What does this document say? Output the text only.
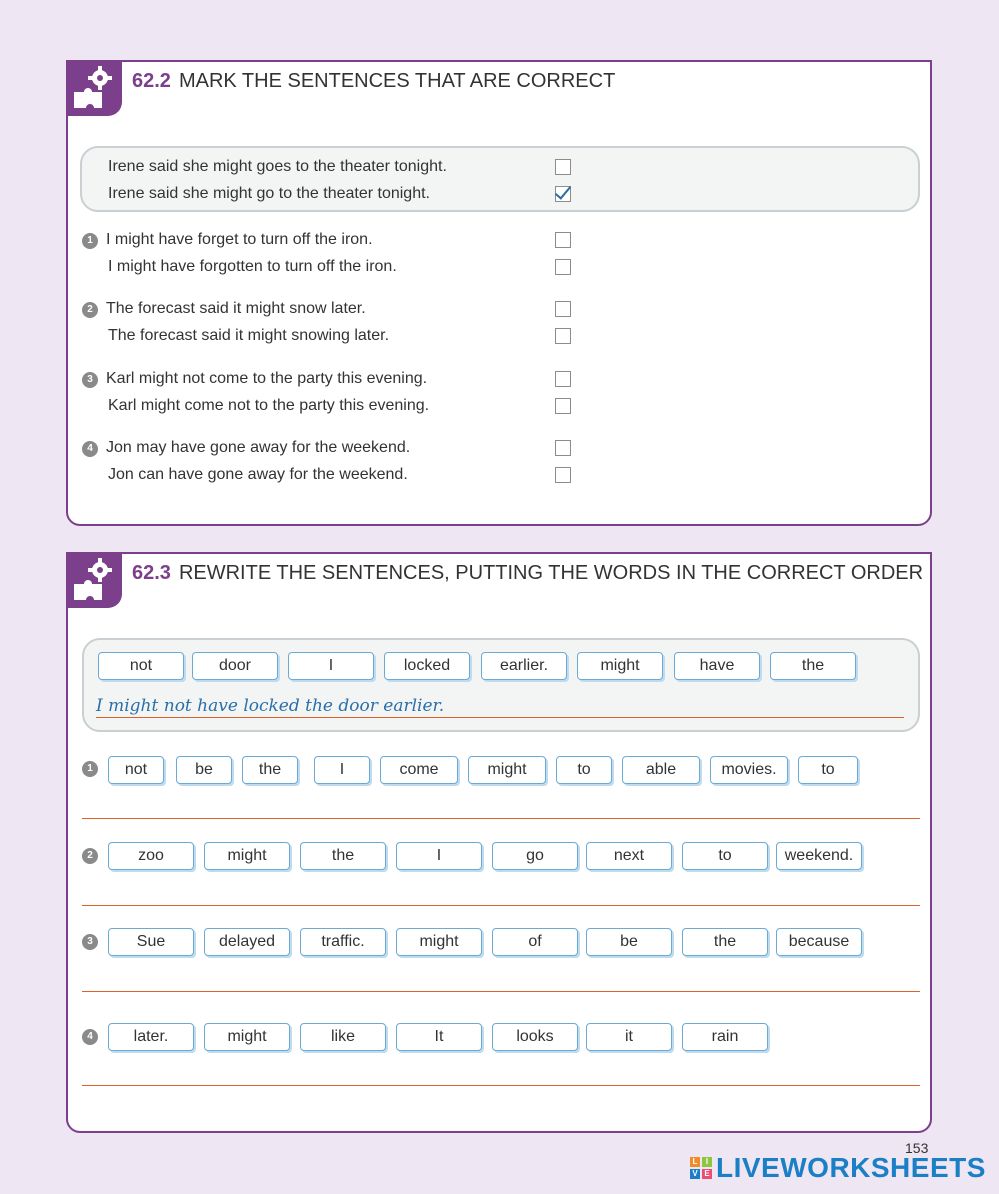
62.2 MARK THE SENTENCES THAT ARE CORRECT
Irene said she might goes to the theater tonight.
Irene said she might go to the theater tonight.
1 I might have forget to turn off the iron.
I might have forgotten to turn off the iron.
2 The forecast said it might snow later.
The forecast said it might snowing later.
3 Karl might not come to the party this evening.
Karl might come not to the party this evening.
4 Jon may have gone away for the weekend.
Jon can have gone away for the weekend.
62.3 REWRITE THE SENTENCES, PUTTING THE WORDS IN THE CORRECT ORDER
not	door	I	locked	earlier.	might	have	the
I might not have locked the door earlier.
1	not	be	the	I	come	might	to	able	movies.	to
2	zoo	might	the	I	go	next	to	weekend.
3	Sue	delayed	traffic.	might	of	be	the	because
4	later.	might	like	It	looks	it	rain
153
L	I
V E LIVEWORKSHEETS
